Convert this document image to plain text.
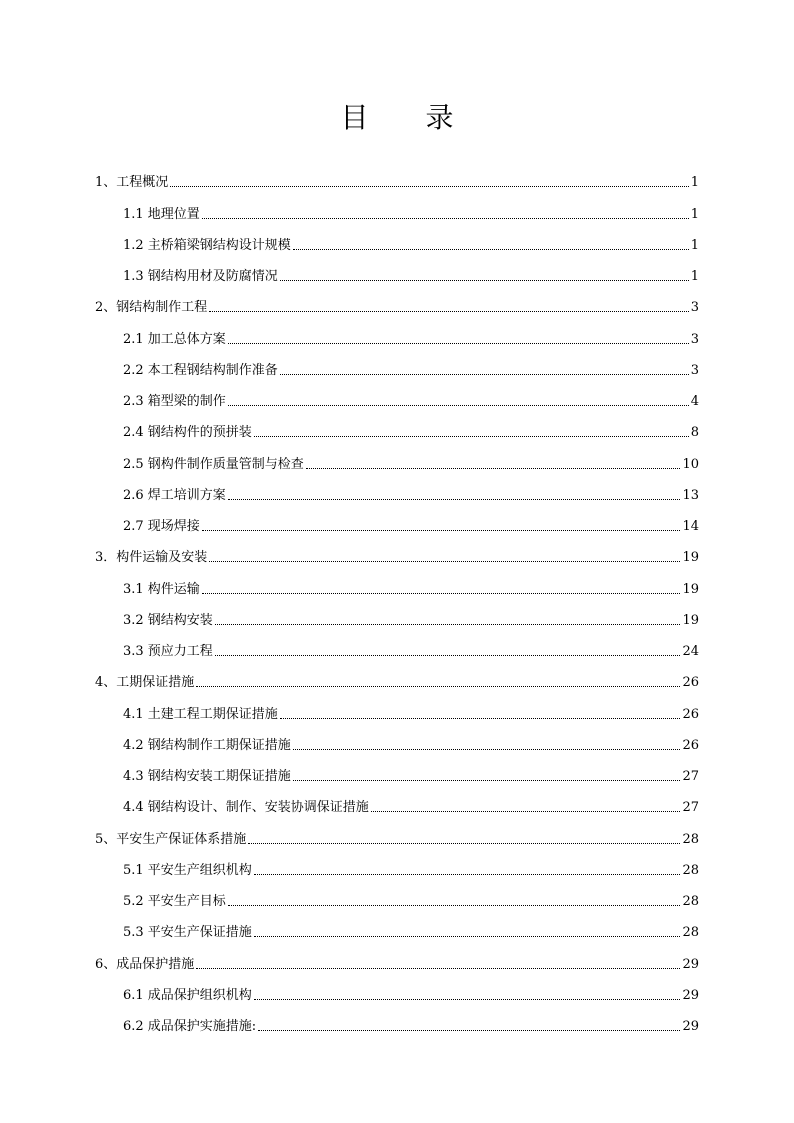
目 录
1、工程概况	1
1.1 地理位置	1
1.2 主桥箱梁钢结构设计规模	1
1.3 钢结构用材及防腐情况	1
2、钢结构制作工程	3
2.1 加工总体方案	3
2.2 本工程钢结构制作准备	3
2.3 箱型梁的制作	4
2.4 钢结构件的预拼装	8
2.5 钢构件制作质量管制与检查	10
2.6 焊工培训方案	13
2.7 现场焊接	14
3．构件运输及安装	19
3.1 构件运输	19
3.2 钢结构安装	19
3.3 预应力工程	24
4、工期保证措施	26
4.1 土建工程工期保证措施	26
4.2 钢结构制作工期保证措施	26
4.3 钢结构安装工期保证措施	27
4.4 钢结构设计、制作、安装协调保证措施	27
5、平安生产保证体系措施	28
5.1 平安生产组织机构	28
5.2 平安生产目标	28
5.3 平安生产保证措施	28
6、成品保护措施	29
6.1 成品保护组织机构	29
6.2 成品保护实施措施:	29
